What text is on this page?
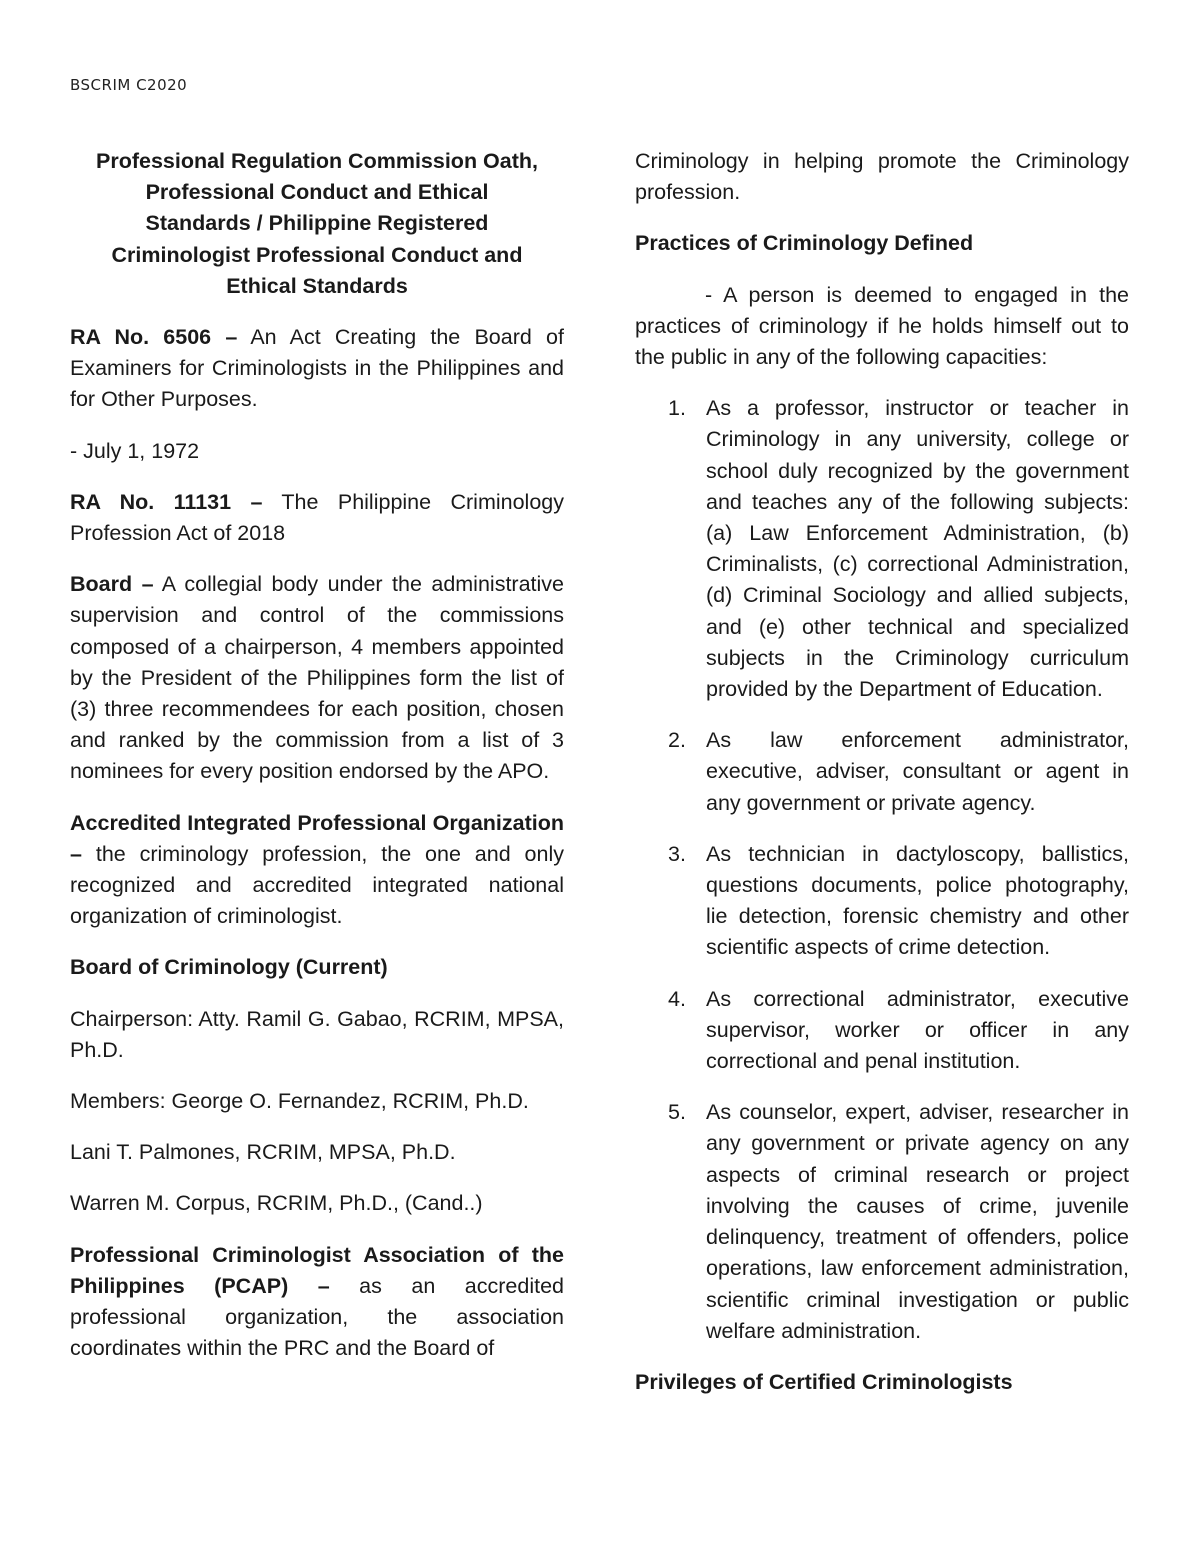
BSCRIM C2020
Professional Regulation Commission Oath,
Professional Conduct and Ethical
Standards / Philippine Registered
Criminologist Professional Conduct and
Ethical Standards

RA No. 6506 – An Act Creating the Board of Examiners for Criminologists in the Philippines and for Other Purposes.

- July 1, 1972

RA No. 11131 – The Philippine Criminology Profession Act of 2018

Board – A collegial body under the administrative supervision and control of the commissions composed of a chairperson, 4 members appointed by the President of the Philippines form the list of (3) three recommendees for each position, chosen and ranked by the commission from a list of 3 nominees for every position endorsed by the APO.

Accredited Integrated Professional Organization – the criminology profession, the one and only recognized and accredited integrated national organization of criminologist.

Board of Criminology (Current)

Chairperson: Atty. Ramil G. Gabao, RCRIM, MPSA, Ph.D.

Members: George O. Fernandez, RCRIM, Ph.D.

Lani T. Palmones, RCRIM, MPSA, Ph.D.

Warren M. Corpus, RCRIM, Ph.D., (Cand..)

Professional Criminologist Association of the Philippines (PCAP) – as an accredited professional organization, the association coordinates within the PRC and the Board of

Criminology in helping promote the Criminology profession.

Practices of Criminology Defined

- A person is deemed to engaged in the practices of criminology if he holds himself out to the public in any of the following capacities:

1. As a professor, instructor or teacher in Criminology in any university, college or school duly recognized by the government and teaches any of the following subjects: (a) Law Enforcement Administration, (b) Criminalists, (c) correctional Administration, (d) Criminal Sociology and allied subjects, and (e) other technical and specialized subjects in the Criminology curriculum provided by the Department of Education.
2. As law enforcement administrator, executive, adviser, consultant or agent in any government or private agency.
3. As technician in dactyloscopy, ballistics, questions documents, police photography, lie detection, forensic chemistry and other scientific aspects of crime detection.
4. As correctional administrator, executive supervisor, worker or officer in any correctional and penal institution.
5. As counselor, expert, adviser, researcher in any government or private agency on any aspects of criminal research or project involving the causes of crime, juvenile delinquency, treatment of offenders, police operations, law enforcement administration, scientific criminal investigation or public welfare administration.
Privileges of Certified Criminologists
